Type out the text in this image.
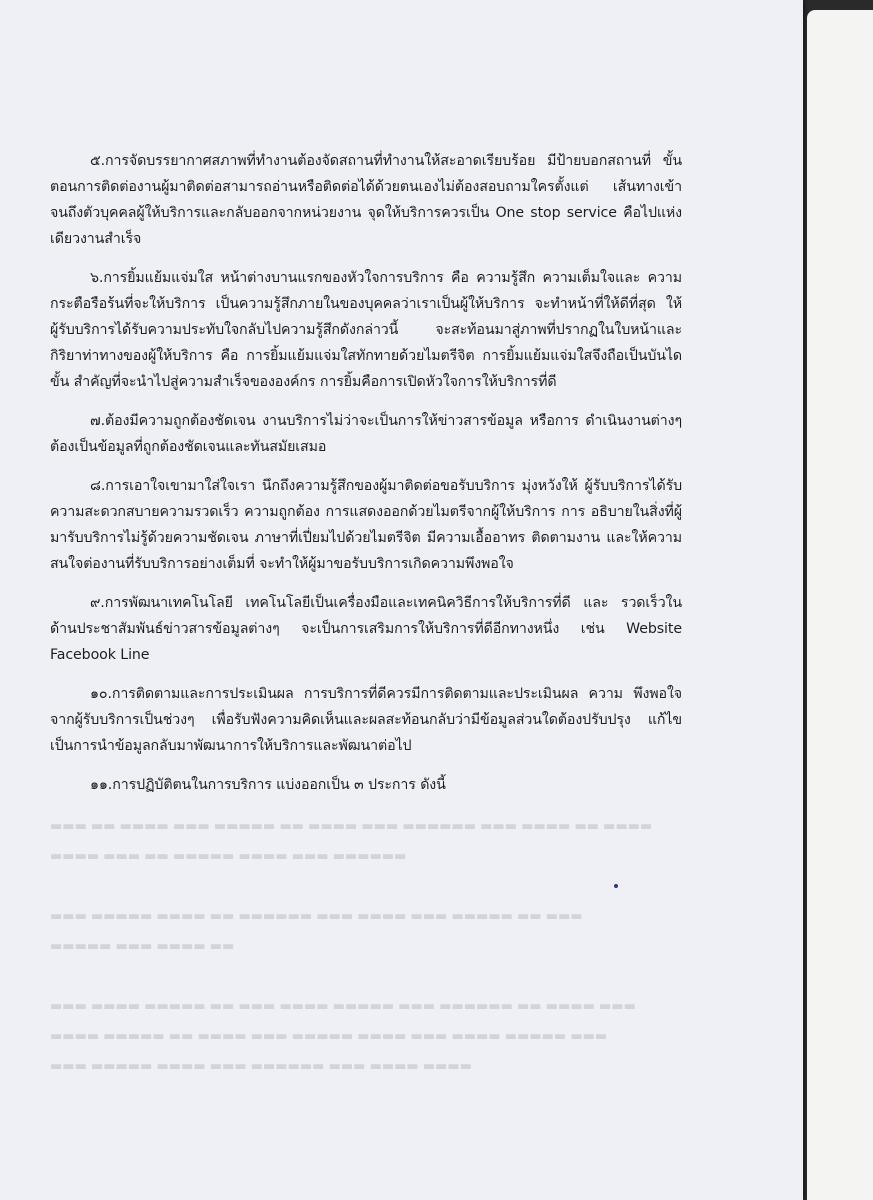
๕.การจัดบรรยากาศสภาพที่ทำงานต้องจัดสถานที่ทำงานให้สะอาดเรียบร้อย มีป้ายบอกสถานที่ ขั้นตอนการติดต่องานผู้มาติดต่อสามารถอ่านหรือติดต่อได้ด้วยตนเองไม่ต้องสอบถามใครตั้งแต่ เส้นทางเข้าจนถึงตัวบุคคลผู้ให้บริการและกลับออกจากหน่วยงาน จุดให้บริการควรเป็น One stop service คือไปแห่งเดียวงานสำเร็จ

๖.การยิ้มแย้มแจ่มใส หน้าต่างบานแรกของหัวใจการบริการ คือ ความรู้สึก ความเต็มใจและ ความกระตือรือร้นที่จะให้บริการ เป็นความรู้สึกภายในของบุคคลว่าเราเป็นผู้ให้บริการ จะทำหน้าที่ให้ดีที่สุด ให้ผู้รับบริการได้รับความประทับใจกลับไปความรู้สึกดังกล่าวนี้ จะสะท้อนมาสู่ภาพที่ปรากฏในใบหน้าและ กิริยาท่าทางของผู้ให้บริการ คือ การยิ้มแย้มแจ่มใสทักทายด้วยไมตรีจิต การยิ้มแย้มแจ่มใสจึงถือเป็นบันไดขั้น สำคัญที่จะนำไปสู่ความสำเร็จขององค์กร การยิ้มคือการเปิดหัวใจการให้บริการที่ดี

๗.ต้องมีความถูกต้องชัดเจน งานบริการไม่ว่าจะเป็นการให้ข่าวสารข้อมูล หรือการ ดำเนินงานต่างๆ ต้องเป็นข้อมูลที่ถูกต้องชัดเจนและทันสมัยเสมอ

๘.การเอาใจเขามาใส่ใจเรา นึกถึงความรู้สึกของผู้มาติดต่อขอรับบริการ มุ่งหวังให้ ผู้รับบริการได้รับความสะดวกสบายความรวดเร็ว ความถูกต้อง การแสดงออกด้วยไมตรีจากผู้ให้บริการ การ อธิบายในสิ่งที่ผู้มารับบริการไม่รู้ด้วยความชัดเจน ภาษาที่เปี่ยมไปด้วยไมตรีจิต มีความเอื้ออาทร ติดตามงาน และให้ความสนใจต่องานที่รับบริการอย่างเต็มที่ จะทำให้ผู้มาขอรับบริการเกิดความพึงพอใจ

๙.การพัฒนาเทคโนโลยี เทคโนโลยีเป็นเครื่องมือและเทคนิควิธีการให้บริการที่ดี และ รวดเร็วในด้านประชาสัมพันธ์ข่าวสารข้อมูลต่างๆ จะเป็นการเสริมการให้บริการที่ดีอีกทางหนึ่ง เช่น Website Facebook Line

๑๐.การติดตามและการประเมินผล การบริการที่ดีควรมีการติดตามและประเมินผล ความ พึงพอใจจากผู้รับบริการเป็นช่วงๆ เพื่อรับฟังความคิดเห็นและผลสะท้อนกลับว่ามีข้อมูลส่วนใดต้องปรับปรุง แก้ไข เป็นการนำข้อมูลกลับมาพัฒนาการให้บริการและพัฒนาต่อไป

๑๑.การปฏิบัติตนในการบริการ แบ่งออกเป็น ๓ ประการ ดังนี้

▬▬▬ ▬▬ ▬▬▬▬ ▬▬▬ ▬▬▬▬▬ ▬▬ ▬▬▬▬ ▬▬▬ ▬▬▬▬▬▬ ▬▬▬ ▬▬▬▬ ▬▬ ▬▬▬▬
▬▬▬▬ ▬▬▬ ▬▬ ▬▬▬▬▬ ▬▬▬▬ ▬▬▬ ▬▬▬▬▬▬

▬▬▬ ▬▬▬▬▬ ▬▬▬▬ ▬▬ ▬▬▬▬▬▬ ▬▬▬ ▬▬▬▬ ▬▬▬ ▬▬▬▬▬ ▬▬ ▬▬▬
▬▬▬▬▬ ▬▬▬ ▬▬▬▬ ▬▬

▬▬▬ ▬▬▬▬ ▬▬▬▬▬ ▬▬ ▬▬▬ ▬▬▬▬ ▬▬▬▬▬ ▬▬▬ ▬▬▬▬▬▬ ▬▬ ▬▬▬▬ ▬▬▬
▬▬▬▬ ▬▬▬▬▬ ▬▬ ▬▬▬▬ ▬▬▬ ▬▬▬▬▬ ▬▬▬▬ ▬▬▬ ▬▬▬▬ ▬▬▬▬▬ ▬▬▬
▬▬▬ ▬▬▬▬▬ ▬▬▬▬ ▬▬▬ ▬▬▬▬▬▬ ▬▬▬ ▬▬▬▬ ▬▬▬▬
